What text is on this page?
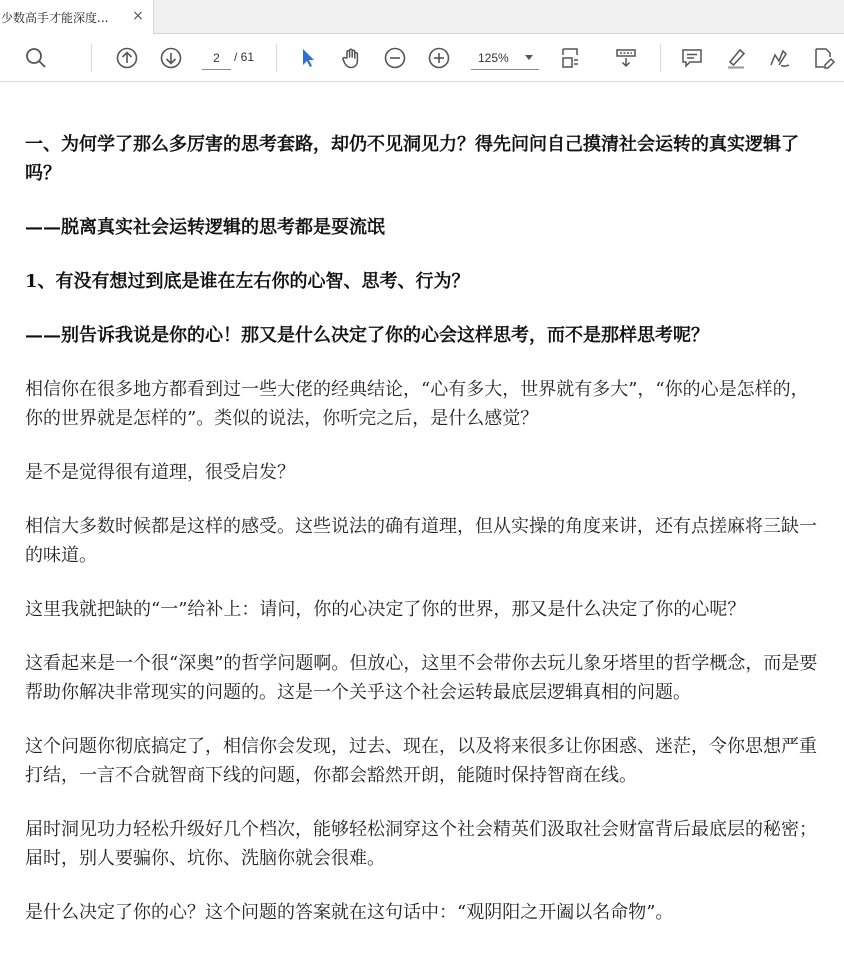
少数高手才能深度...	×
2
/ 61	125%

一、为何学了那么多厉害的思考套路，却仍不见洞见力？得先问问自己摸清社会运转的真实逻辑了吗？

——脱离真实社会运转逻辑的思考都是耍流氓

1、有没有想过到底是谁在左右你的心智、思考、行为？

——别告诉我说是你的心！那又是什么决定了你的心会这样思考，而不是那样思考呢？

相信你在很多地方都看到过一些大佬的经典结论，“心有多大，世界就有多大”，“你的心是怎样的，你的世界就是怎样的”。类似的说法，你听完之后，是什么感觉？

是不是觉得很有道理，很受启发？

相信大多数时候都是这样的感受。这些说法的确有道理，但从实操的角度来讲，还有点搓麻将三缺一的味道。

这里我就把缺的“一”给补上：请问，你的心决定了你的世界，那又是什么决定了你的心呢？

这看起来是一个很“深奥”的哲学问题啊。但放心，这里不会带你去玩儿象牙塔里的哲学概念，而是要帮助你解决非常现实的问题的。这是一个关乎这个社会运转最底层逻辑真相的问题。

这个问题你彻底搞定了，相信你会发现，过去、现在，以及将来很多让你困惑、迷茫，令你思想严重打结，一言不合就智商下线的问题，你都会豁然开朗，能随时保持智商在线。

届时洞见功力轻松升级好几个档次，能够轻松洞穿这个社会精英们汲取社会财富背后最底层的秘密；届时，别人要骗你、坑你、洗脑你就会很难。

是什么决定了你的心？这个问题的答案就在这句话中：“观阴阳之开阖以名命物”。
